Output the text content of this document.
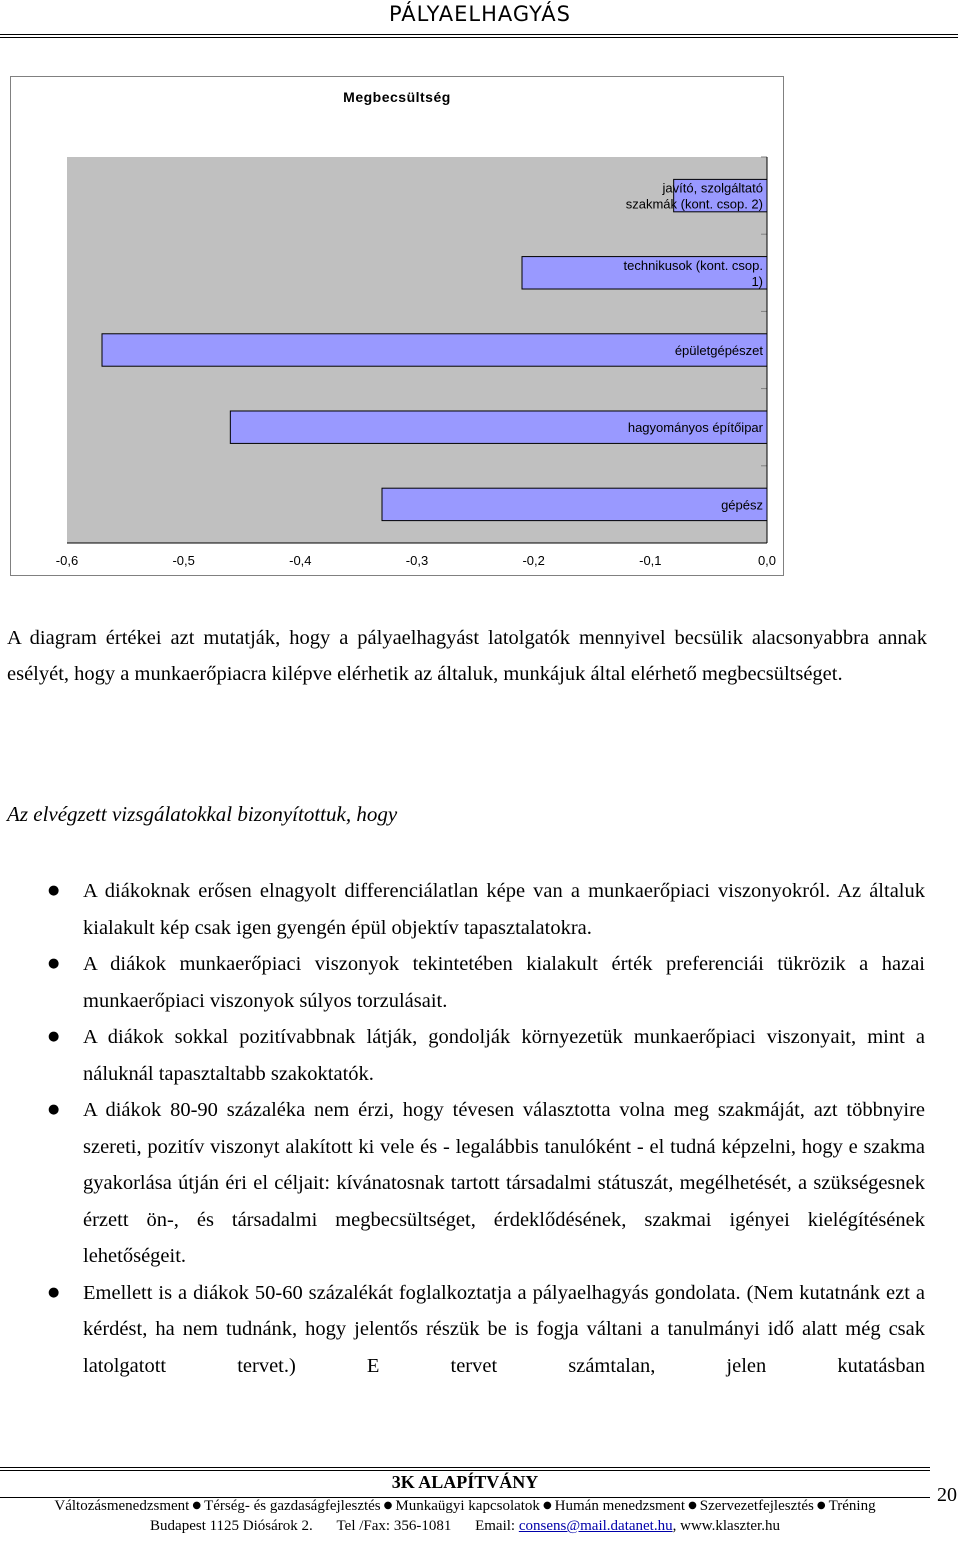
PÁLYAELHAGYÁS
Megbecsültség
gépész
hagyományos építőipar
épületgépészet
technikusok (kont. csop.
1)
javító, szolgáltató
szakmák (kont. csop. 2)
-0,6	-0,5	-0,4	-0,3	-0,2	-0,1	0,0
A diagram értékei azt mutatják, hogy a pályaelhagyást latolgatók mennyivel becsülik alacsonyabbra annak esélyét, hogy a munkaerőpiacra kilépve elérhetik az általuk, munkájuk által elérhető megbecsültséget.
Az elvégzett vizsgálatokkal bizonyítottuk, hogy
● A diákoknak erősen elnagyolt differenciálatlan képe van a munkaerőpiaci viszonyokról. Az általuk kialakult kép csak igen gyengén épül objektív tapasztalatokra.
● A diákok munkaerőpiaci viszonyok tekintetében kialakult érték preferenciái tükrözik a hazai munkaerőpiaci viszonyok súlyos torzulásait.
● A diákok sokkal pozitívabbnak látják, gondolják környezetük munkaerőpiaci viszonyait, mint a náluknál tapasztaltabb szakoktatók.
● A diákok 80-90 százaléka nem érzi, hogy tévesen választotta volna meg szakmáját, azt többnyire szereti, pozitív viszonyt alakított ki vele és - legalábbis tanulóként - el tudná képzelni, hogy e szakma gyakorlása útján éri el céljait: kívánatosnak tartott társadalmi státuszát, megélhetését, a szükségesnek érzett ön-, és társadalmi megbecsültséget, érdeklődésének, szakmai igényei kielégítésének lehetőségeit.
● Emellett is a diákok 50-60 százalékát foglalkoztatja a pályaelhagyás gondolata. (Nem kutatnánk ezt a kérdést, ha nem tudnánk, hogy jelentős részük be is fogja váltani a tanulmányi idő alatt még csak latolgatott tervet.) E tervet számtalan, jelen kutatásban
3K ALAPÍTVÁNY
Változásmenedzsment ● Térség- és gazdaságfejlesztés ● Munkaügyi kapcsolatok ● Humán menedzsment ● Szervezetfejlesztés ● Tréning
Budapest 1125 Diósárok 2. Tel /Fax: 356-1081 Email: consens@mail.datanet.hu, www.klaszter.hu
20
